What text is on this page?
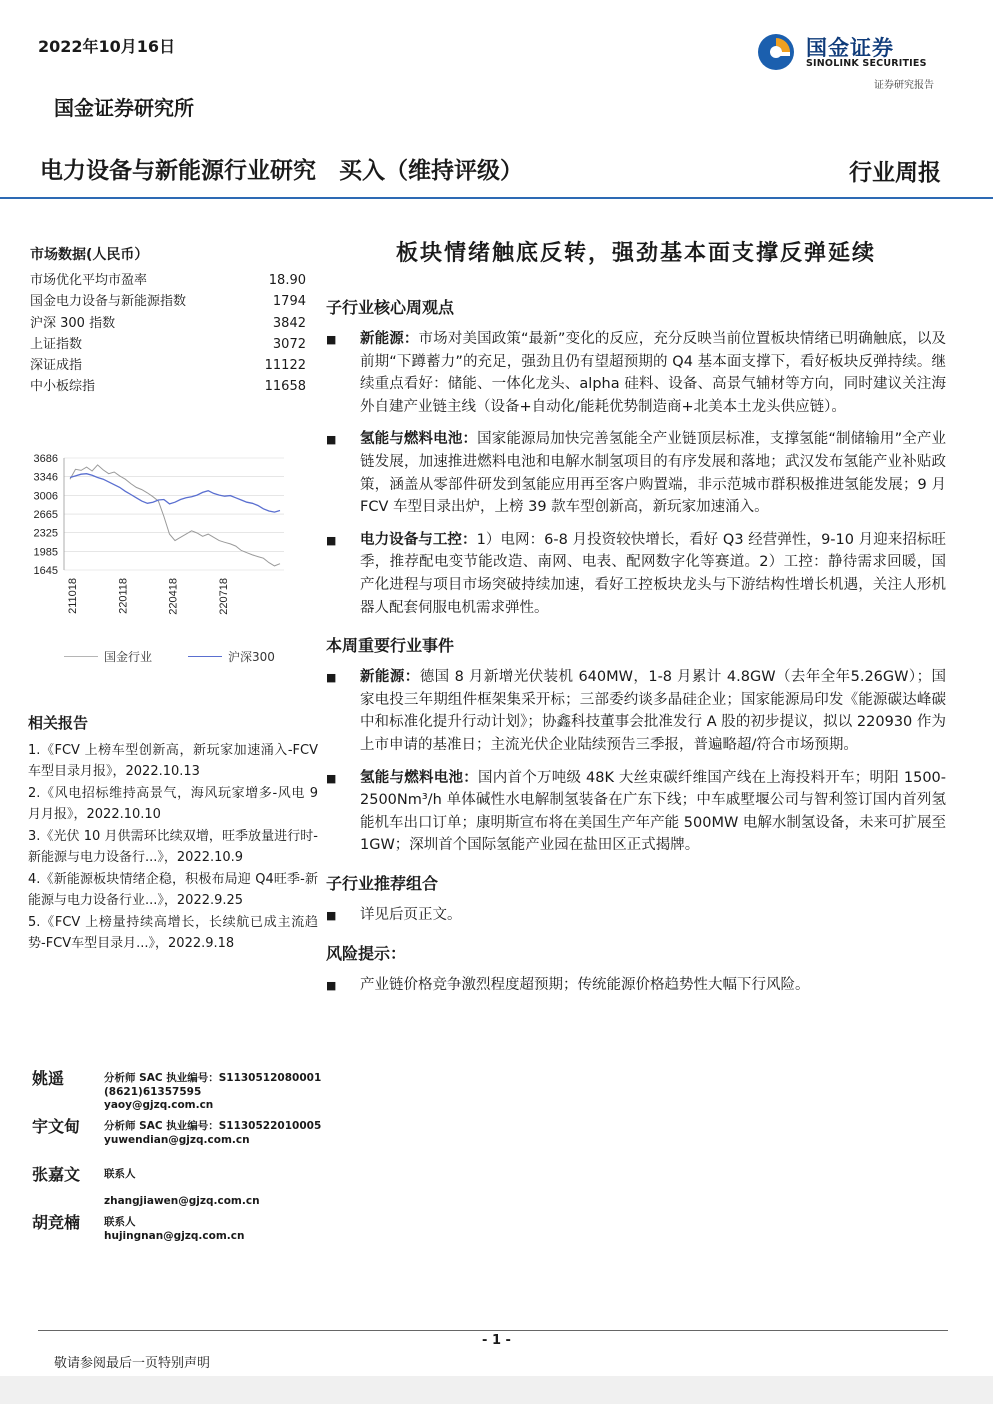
2022年10月16日	国金证券
SINOLINK SECURITIES
证券研究报告
国金证券研究所
电力设备与新能源行业研究　买入（维持评级）	行业周报
市场数据(人民币）
市场优化平均市盈率	18.90
国金电力设备与新能源指数	1794
沪深 300 指数	3842
上证指数	3072
深证成指	11122
中小板综指	11658
3686
3346
3006
2665
2325
1985
1645
211018	220118	220418	220718
国金行业	沪深300
相关报告
1.《FCV 上榜车型创新高，新玩家加速涌入-FCV车型目录月报》，2022.10.13
2.《风电招标维持高景气，海风玩家增多-风电 9 月月报》，2022.10.10
3.《光伏 10 月供需环比续双增，旺季放量进行时-新能源与电力设备行...》，2022.10.9
4.《新能源板块情绪企稳，积极布局迎 Q4旺季-新能源与电力设备行业...》，2022.9.25
5.《FCV 上榜量持续高增长，长续航已成主流趋势-FCV车型目录月...》，2022.9.18
姚遥	分析师 SAC 执业编号：S1130512080001
(8621)61357595
yaoy@gjzq.com.cn
宇文甸 分析师 SAC 执业编号：S1130522010005
yuwendian@gjzq.com.cn
张嘉文 联系人
zhangjiawen@gjzq.com.cn
胡竞楠 联系人
hujingnan@gjzq.com.cn
板块情绪触底反转，强劲基本面支撑反弹延续
子行业核心周观点
■	新能源：市场对美国政策“最新”变化的反应，充分反映当前位置板块情绪已明确触底，以及前期“下蹲蓄力”的充足，强劲且仍有望超预期的 Q4 基本面支撑下，看好板块反弹持续。继续重点看好：储能、一体化龙头、alpha 硅料、设备、高景气辅材等方向，同时建议关注海外自建产业链主线（设备+自动化/能耗优势制造商+北美本土龙头供应链）。
■	氢能与燃料电池：国家能源局加快完善氢能全产业链顶层标准，支撑氢能“制储输用”全产业链发展，加速推进燃料电池和电解水制氢项目的有序发展和落地；武汉发布氢能产业补贴政策，涵盖从零部件研发到氢能应用再至客户购置端，非示范城市群积极推进氢能发展；9 月 FCV 车型目录出炉，上榜 39 款车型创新高，新玩家加速涌入。
■	电力设备与工控：1）电网：6-8 月投资较快增长，看好 Q3 经营弹性，9-10 月迎来招标旺季，推荐配电变节能改造、南网、电表、配网数字化等赛道。2）工控：静待需求回暖，国产化进程与项目市场突破持续加速，看好工控板块龙头与下游结构性增长机遇，关注人形机器人配套伺服电机需求弹性。
本周重要行业事件
■	新能源：德国 8 月新增光伏装机 640MW，1-8 月累计 4.8GW（去年全年5.26GW）；国家电投三年期组件框架集采开标；三部委约谈多晶硅企业；国家能源局印发《能源碳达峰碳中和标准化提升行动计划》；协鑫科技董事会批准发行 A 股的初步提议，拟以 220930 作为上市申请的基准日；主流光伏企业陆续预告三季报，普遍略超/符合市场预期。
■	氢能与燃料电池：国内首个万吨级 48K 大丝束碳纤维国产线在上海投料开车；明阳 1500-2500Nm³/h 单体碱性水电解制氢装备在广东下线；中车戚墅堰公司与智利签订国内首列氢能机车出口订单；康明斯宣布将在美国生产年产能 500MW 电解水制氢设备，未来可扩展至 1GW；深圳首个国际氢能产业园在盐田区正式揭牌。
子行业推荐组合
■	详见后页正文。
风险提示：
■	产业链价格竞争激烈程度超预期；传统能源价格趋势性大幅下行风险。
- 1 -
敬请参阅最后一页特别声明
